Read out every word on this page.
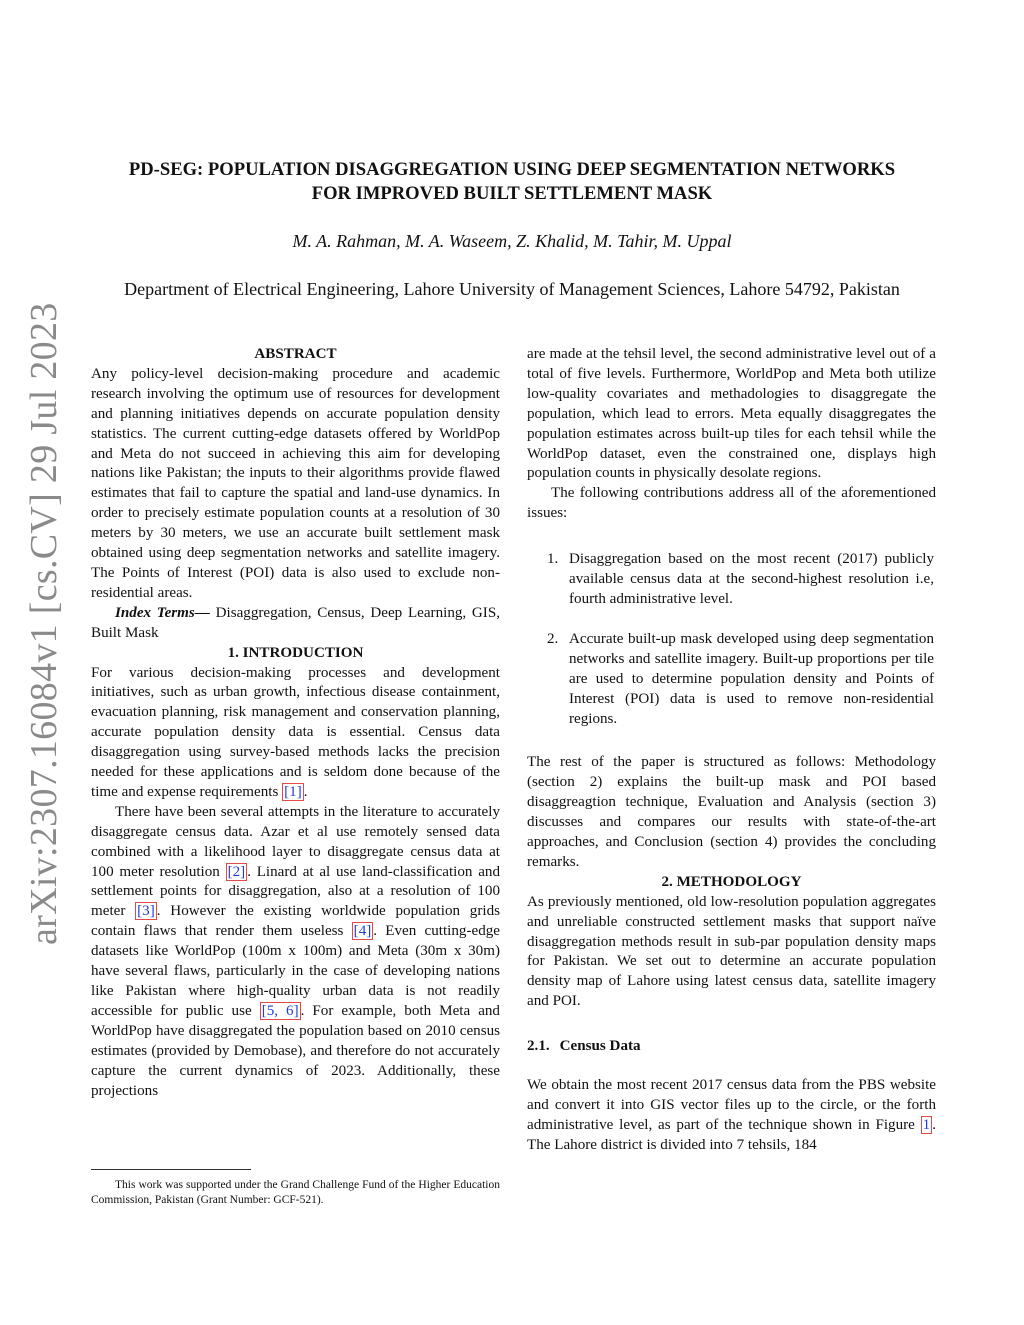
arXiv:2307.16084v1 [cs.CV] 29 Jul 2023
PD-SEG: POPULATION DISAGGREGATION USING DEEP SEGMENTATION NETWORKS
FOR IMPROVED BUILT SETTLEMENT MASK
M. A. Rahman, M. A. Waseem, Z. Khalid, M. Tahir, M. Uppal
Department of Electrical Engineering, Lahore University of Management Sciences, Lahore 54792, Pakistan
ABSTRACT

Any policy-level decision-making procedure and academic research involving the optimum use of resources for development and planning initiatives depends on accurate population density statistics. The current cutting-edge datasets offered by WorldPop and Meta do not succeed in achieving this aim for developing nations like Pakistan; the inputs to their algorithms provide flawed estimates that fail to capture the spatial and land-use dynamics. In order to precisely estimate population counts at a resolution of 30 meters by 30 meters, we use an accurate built settlement mask obtained using deep segmentation networks and satellite imagery. The Points of Interest (POI) data is also used to exclude non-residential areas.

Index Terms— Disaggregation, Census, Deep Learning, GIS, Built Mask

1. INTRODUCTION

For various decision-making processes and development initiatives, such as urban growth, infectious disease containment, evacuation planning, risk management and conservation planning, accurate population density data is essential. Census data disaggregation using survey-based methods lacks the precision needed for these applications and is seldom done because of the time and expense requirements [1] .

There have been several attempts in the literature to accurately disaggregate census data. Azar et al use remotely sensed data combined with a likelihood layer to disaggregate census data at 100 meter resolution [2] . Linard at al use land-classification and settlement points for disaggregation, also at a resolution of 100 meter [3] . However the existing worldwide population grids contain flaws that render them useless [4] . Even cutting-edge datasets like WorldPop (100m x 100m) and Meta (30m x 30m) have several flaws, particularly in the case of developing nations like Pakistan where high-quality urban data is not readily accessible for public use [5, 6] . For example, both Meta and WorldPop have disaggregated the population based on 2010 census estimates (provided by Demobase), and therefore do not accurately capture the current dynamics of 2023. Additionally, these projections

are made at the tehsil level, the second administrative level out of a total of five levels. Furthermore, WorldPop and Meta both utilize low-quality covariates and methadologies to disaggregate the population, which lead to errors. Meta equally disaggregates the population estimates across built-up tiles for each tehsil while the WorldPop dataset, even the constrained one, displays high population counts in physically desolate regions.

The following contributions address all of the aforementioned issues:

1. Disaggregation based on the most recent (2017) publicly available census data at the second-highest resolution i.e, fourth administrative level.
2. Accurate built-up mask developed using deep segmentation networks and satellite imagery. Built-up proportions per tile are used to determine population density and Points of Interest (POI) data is used to remove non-residential regions.

The rest of the paper is structured as follows: Methodology (section 2) explains the built-up mask and POI based disaggreagtion technique, Evaluation and Analysis (section 3) discusses and compares our results with state-of-the-art approaches, and Conclusion (section 4) provides the concluding remarks.

2. METHODOLOGY

As previously mentioned, old low-resolution population aggregates and unreliable constructed settlement masks that support naïve disaggregation methods result in sub-par population density maps for Pakistan. We set out to determine an accurate population density map of Lahore using latest census data, satellite imagery and POI.

2.1. Census Data

We obtain the most recent 2017 census data from the PBS website and convert it into GIS vector files up to the circle, or the forth administrative level, as part of the technique shown in Figure 1 . The Lahore district is divided into 7 tehsils, 184

This work was supported under the Grand Challenge Fund of the Higher Education Commission, Pakistan (Grant Number: GCF-521).
